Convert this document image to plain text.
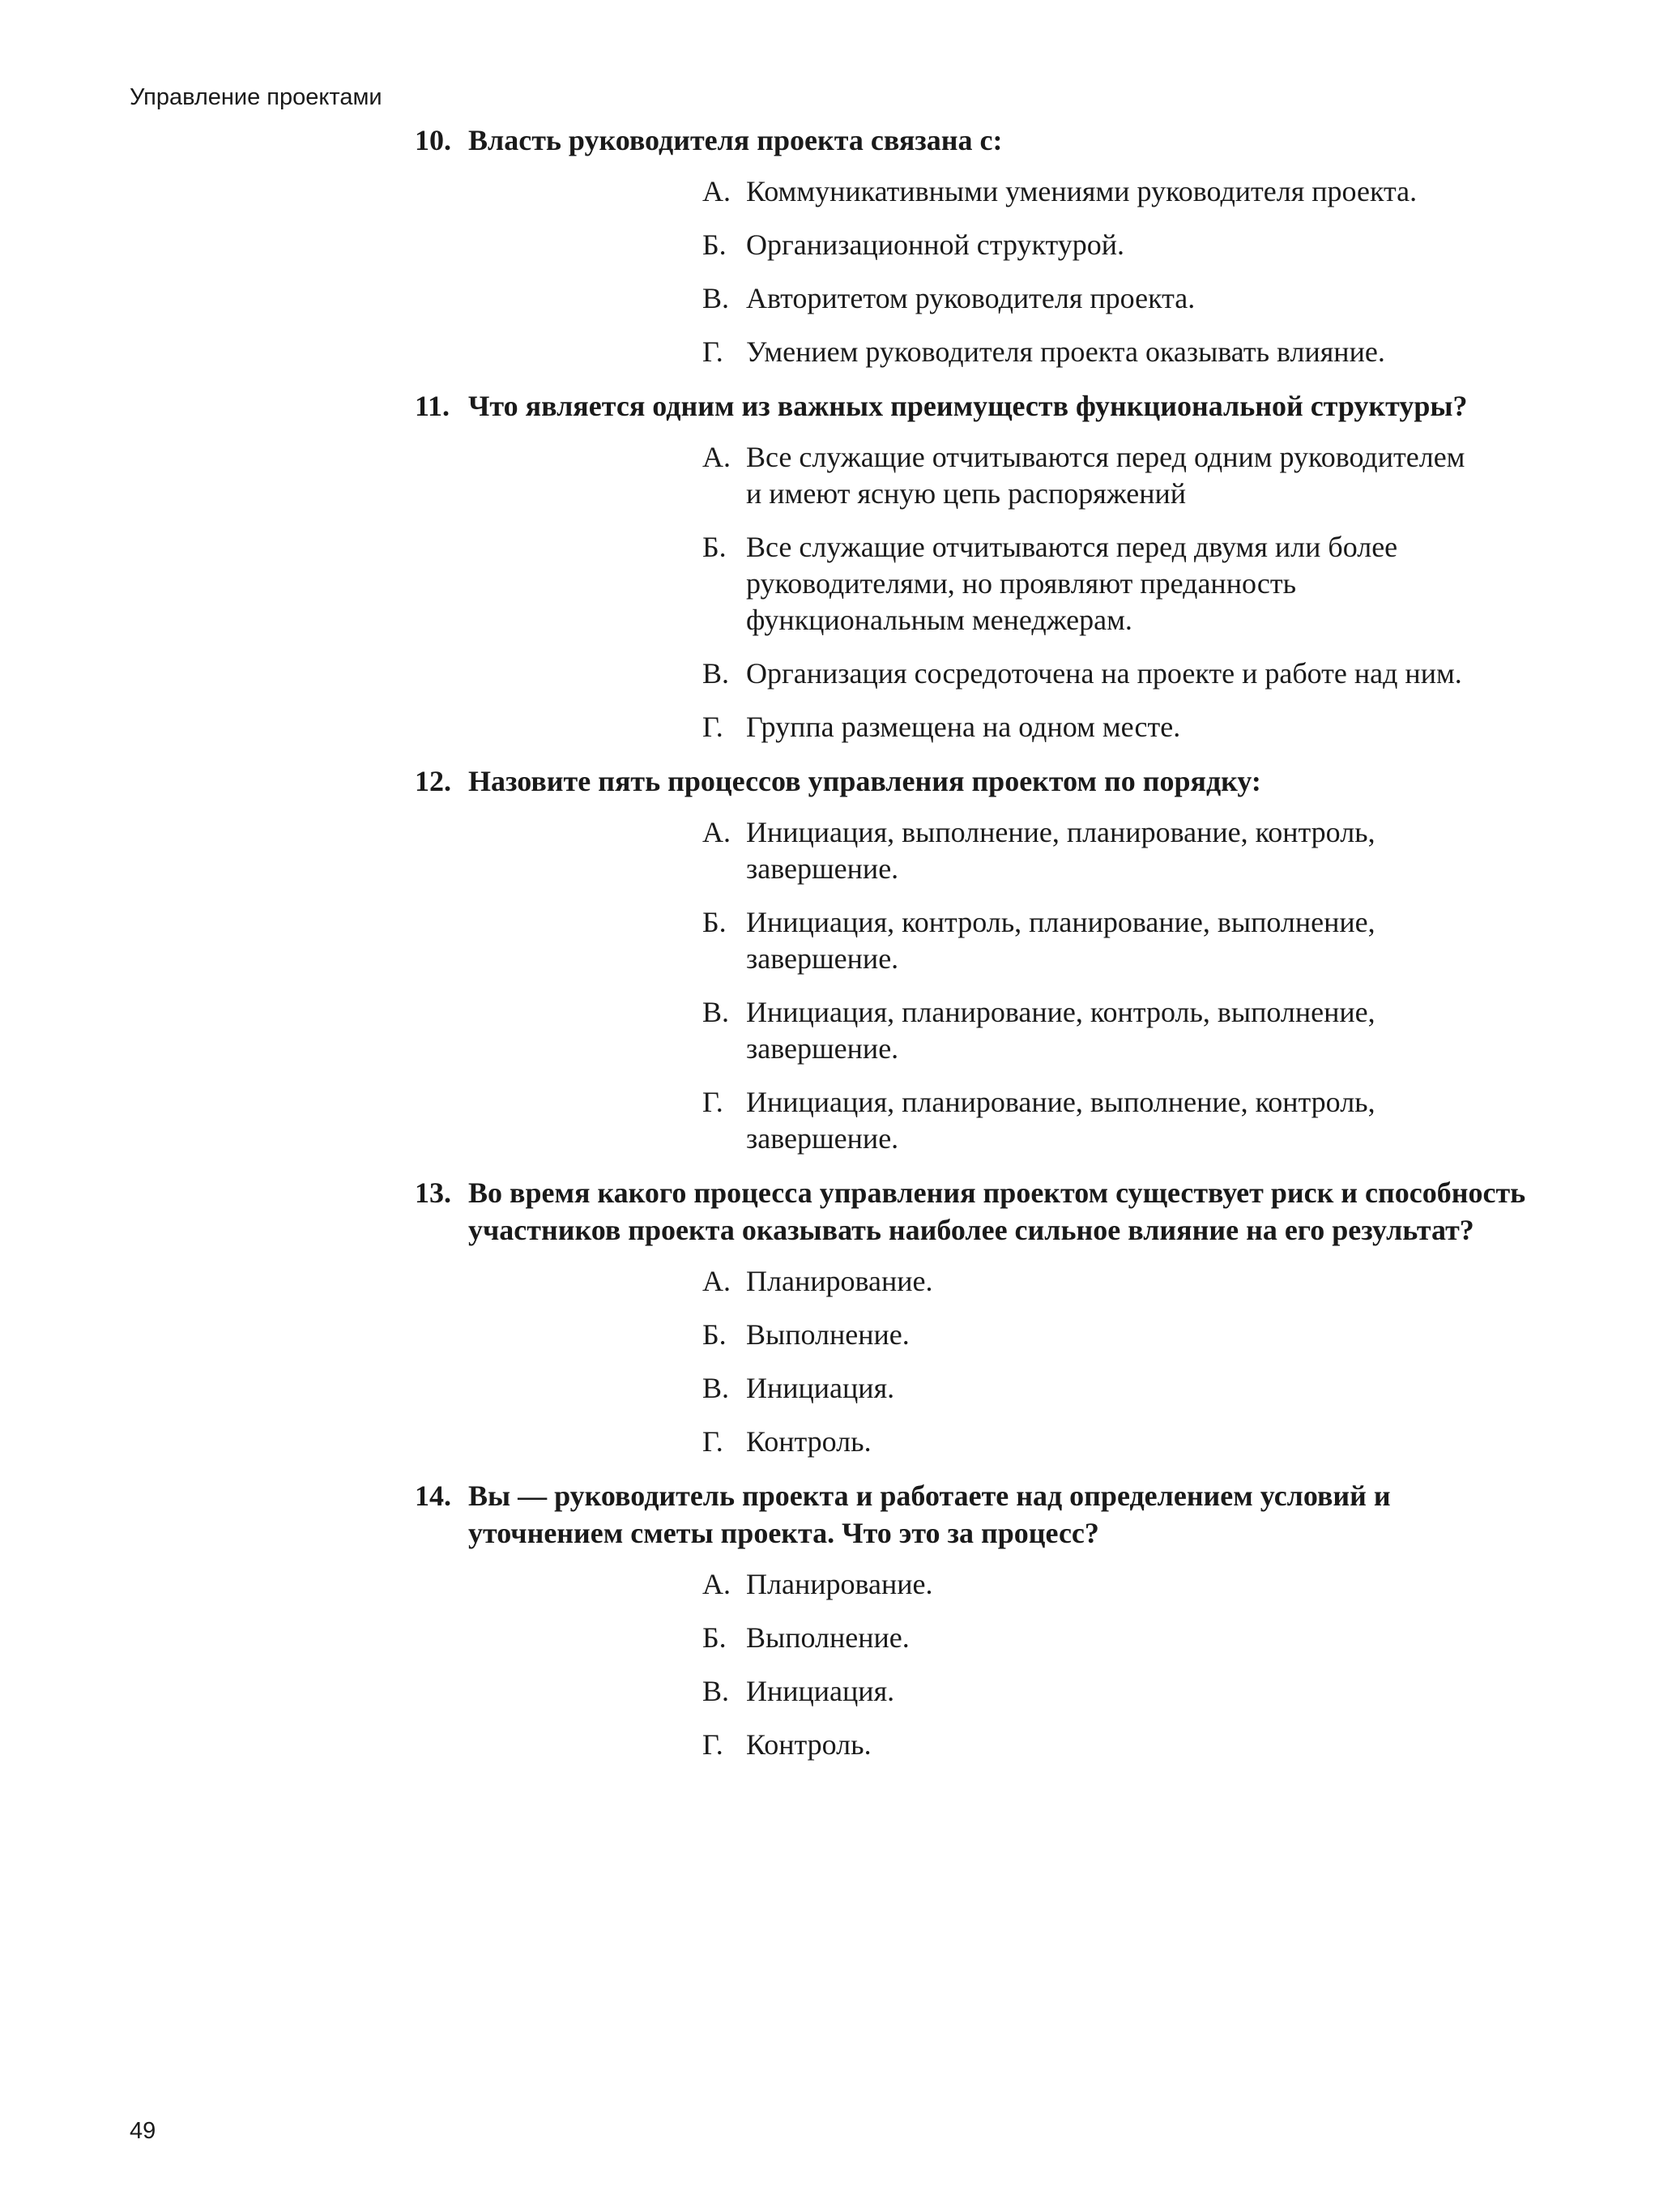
Управление проектами
10. Власть руководителя проекта связана с:
А. Коммуникативными умениями руководителя проекта.
Б. Организационной структурой.
В. Авторитетом руководителя проекта.
Г. Умением руководителя проекта оказывать влияние.
11. Что является одним из важных преимуществ функциональной структуры?
А. Все служащие отчитываются перед одним руководителем и имеют ясную цепь распоряжений
Б. Все служащие отчитываются перед двумя или более руководителями, но проявляют преданность функциональным менеджерам.
В. Организация сосредоточена на проекте и работе над ним.
Г. Группа размещена на одном месте.
12. Назовите пять процессов управления проектом по порядку:
А. Инициация, выполнение, планирование, контроль, завершение.
Б. Инициация, контроль, планирование, выполнение, завершение.
В. Инициация, планирование, контроль, выполнение, завершение.
Г. Инициация, планирование, выполнение, контроль, завершение.
13. Во время какого процесса управления проектом существует риск и способность участников проекта оказывать наиболее сильное влияние на его результат?
А. Планирование.
Б. Выполнение.
В. Инициация.
Г. Контроль.
14. Вы — руководитель проекта и работаете над определением условий и уточнением сметы проекта. Что это за процесс?
А. Планирование.
Б. Выполнение.
В. Инициация.
Г. Контроль.
49
